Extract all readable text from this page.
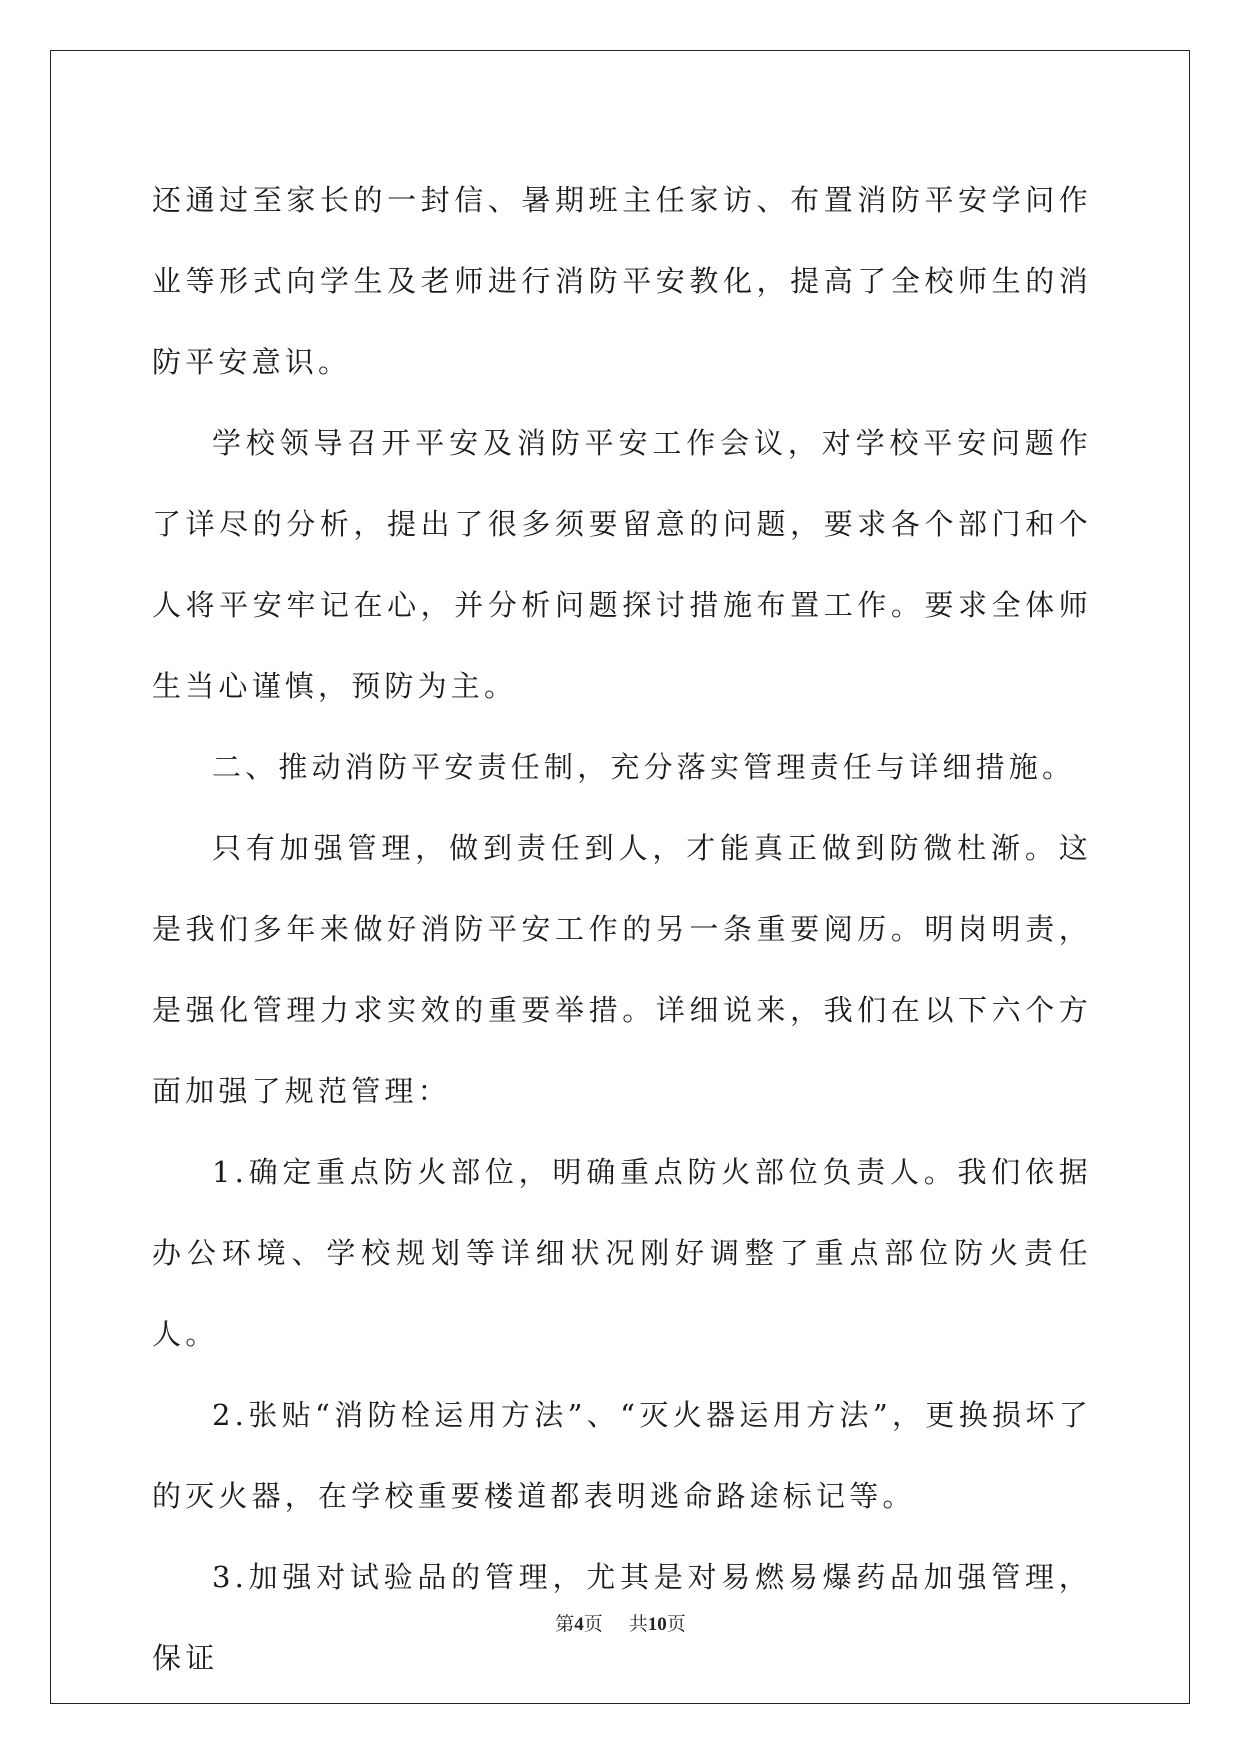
还通过至家长的一封信、暑期班主任家访、布置消防平安学问作业等形式向学生及老师进行消防平安教化，提高了全校师生的消防平安意识。

学校领导召开平安及消防平安工作会议，对学校平安问题作了详尽的分析，提出了很多须要留意的问题，要求各个部门和个人将平安牢记在心，并分析问题探讨措施布置工作。要求全体师生当心谨慎，预防为主。

二、推动消防平安责任制，充分落实管理责任与详细措施。

只有加强管理，做到责任到人，才能真正做到防微杜渐。这是我们多年来做好消防平安工作的另一条重要阅历。明岗明责，是强化管理力求实效的重要举措。详细说来，我们在以下六个方面加强了规范管理：

1.确定重点防火部位，明确重点防火部位负责人。我们依据办公环境、学校规划等详细状况刚好调整了重点部位防火责任人。

2.张贴“消防栓运用方法”、“灭火器运用方法”，更换损坏了的灭火器，在学校重要楼道都表明逃命路途标记等。

3.加强对试验品的管理，尤其是对易燃易爆药品加强管理，保证

第4页 共10页
